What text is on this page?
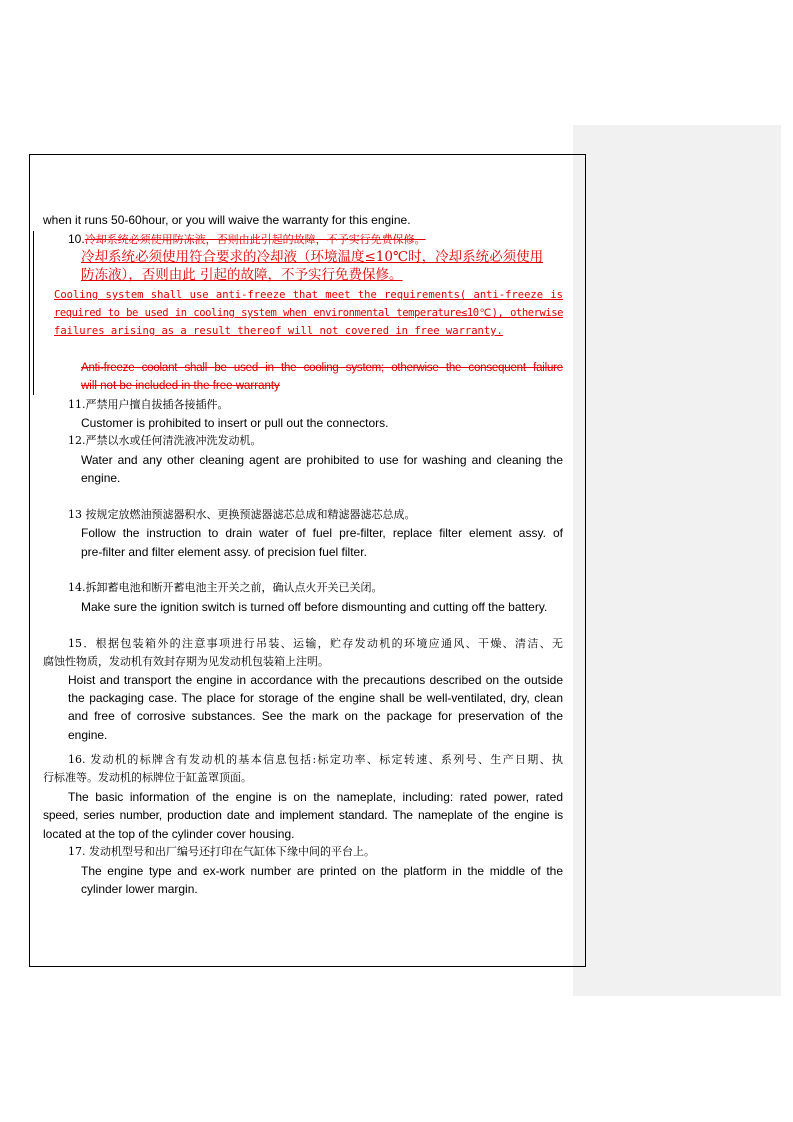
when it runs 50-60hour, or you will waive the warranty for this engine.
10.冷却系统必须使用防冻液，否则由此引起的故障，不予实行免费保修。
冷却系统必须使用符合要求的冷却液（环境温度≤10℃时，冷却系统必须使用
防冻液），否则由此 引起的故障，不予实行免费保修。
Cooling system shall use anti-freeze that meet the requirements( anti-freeze is
required to be used in cooling system when environmental temperature≤10℃), otherwise
failures arising as a result thereof will not covered in free warranty.
Anti-freeze coolant shall be used in the cooling system; otherwise the consequent failure
will not be included in the free warranty
11.严禁用户擅自拔插各接插件。
Customer is prohibited to insert or pull out the connectors.
12.严禁以水或任何清洗液冲洗发动机。
Water and any other cleaning agent are prohibited to use for washing and cleaning the
engine.
13 按规定放燃油预滤器积水、更换预滤器滤芯总成和精滤器滤芯总成。
Follow the instruction to drain water of fuel pre-filter, replace filter element assy. of
pre-filter and filter element assy. of precision fuel filter.
14.拆卸蓄电池和断开蓄电池主开关之前，确认点火开关已关闭。
Make sure the ignition switch is turned off before dismounting and cutting off the battery.
15．根据包装箱外的注意事项进行吊装、运输，贮存发动机的环境应通风、干燥、清洁、无
腐蚀性物质，发动机有效封存期为见发动机包装箱上注明。
Hoist and transport the engine in accordance with the precautions described on the outside
the packaging case. The place for storage of the engine shall be well-ventilated, dry, clean
and free of corrosive substances. See the mark on the package for preservation of the
engine.
16. 发动机的标牌含有发动机的基本信息包括:标定功率、标定转速、系列号、生产日期、执
行标准等。发动机的标牌位于缸盖罩顶面。
The basic information of the engine is on the nameplate, including: rated power, rated
speed, series number, production date and implement standard. The nameplate of the engine is
located at the top of the cylinder cover housing.
17. 发动机型号和出厂编号还打印在气缸体下缘中间的平台上。
The engine type and ex-work number are printed on the platform in the middle of the
cylinder lower margin.
